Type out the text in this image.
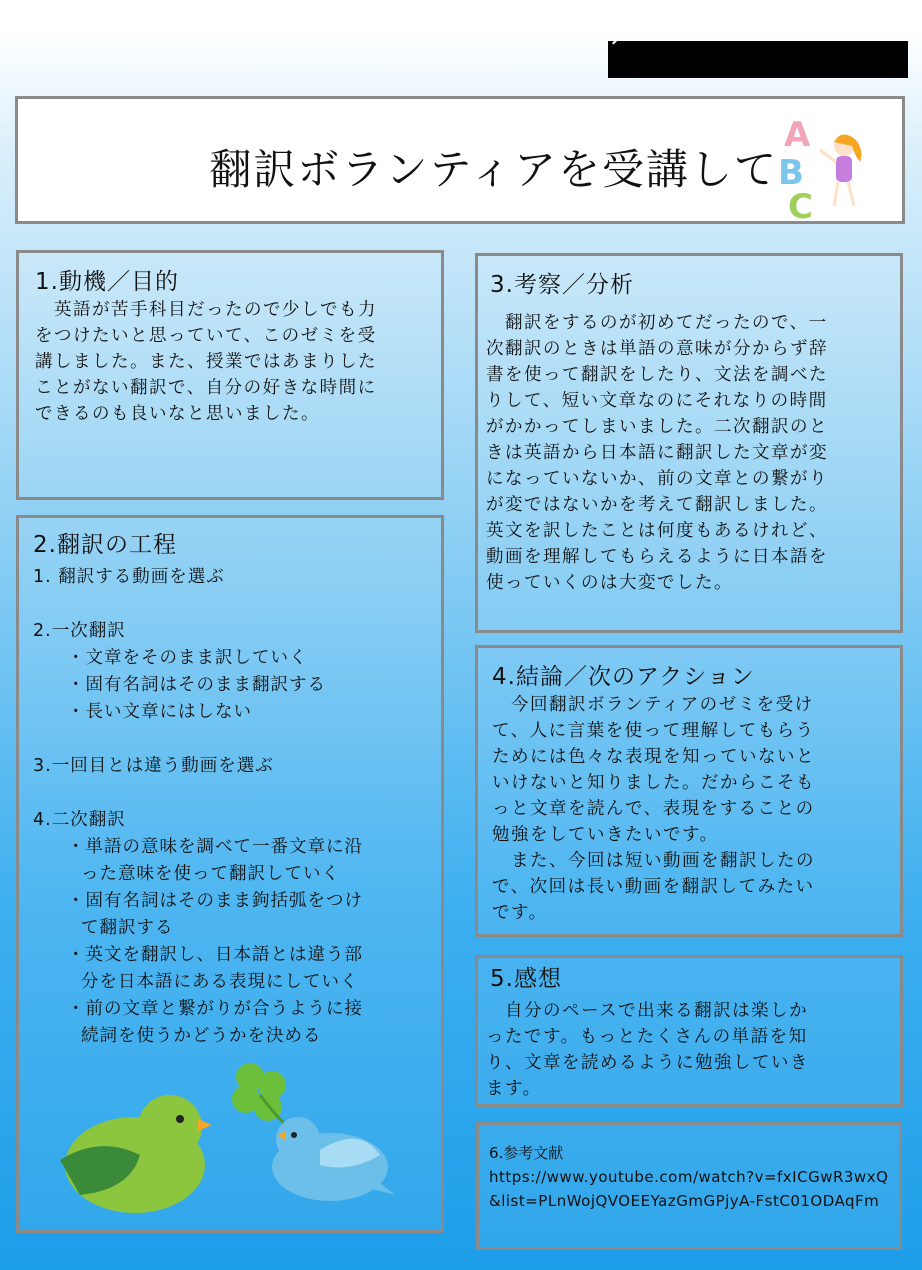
翻訳ボランティアを受講して
A
B
C
1.動機／目的
　英語が苦手科目だったので少しでも力
をつけたいと思っていて、このゼミを受
講しました。また、授業ではあまりした
ことがない翻訳で、自分の好きな時間に
できるのも良いなと思いました。
2.翻訳の工程
1. 翻訳する動画を選ぶ
2.一次翻訳
・文章をそのまま訳していく
・固有名詞はそのまま翻訳する
・長い文章にはしない
3.一回目とは違う動画を選ぶ
4.二次翻訳
・単語の意味を調べて一番文章に沿
った意味を使って翻訳していく
・固有名詞はそのまま鉤括弧をつけ
て翻訳する
・英文を翻訳し、日本語とは違う部
分を日本語にある表現にしていく
・前の文章と繋がりが合うように接
続詞を使うかどうかを決める
3.考察／分析
　翻訳をするのが初めてだったので、一
次翻訳のときは単語の意味が分からず辞
書を使って翻訳をしたり、文法を調べた
りして、短い文章なのにそれなりの時間
がかかってしまいました。二次翻訳のと
きは英語から日本語に翻訳した文章が変
になっていないか、前の文章との繋がり
が変ではないかを考えて翻訳しました。
英文を訳したことは何度もあるけれど、
動画を理解してもらえるように日本語を
使っていくのは大変でした。
4.結論／次のアクション
　今回翻訳ボランティアのゼミを受け
て、人に言葉を使って理解してもらう
ためには色々な表現を知っていないと
いけないと知りました。だからこそも
っと文章を読んで、表現をすることの
勉強をしていきたいです。
　また、今回は短い動画を翻訳したの
で、次回は長い動画を翻訳してみたい
です。
5.感想
　自分のペースで出来る翻訳は楽しか
ったです。もっとたくさんの単語を知
り、文章を読めるように勉強していき
ます。
6.参考文献
https://www.youtube.com/watch?v=fxICGwR3wxQ&list=PLnWojQVOEEYazGmGPjyA-FstC01ODAqFm
